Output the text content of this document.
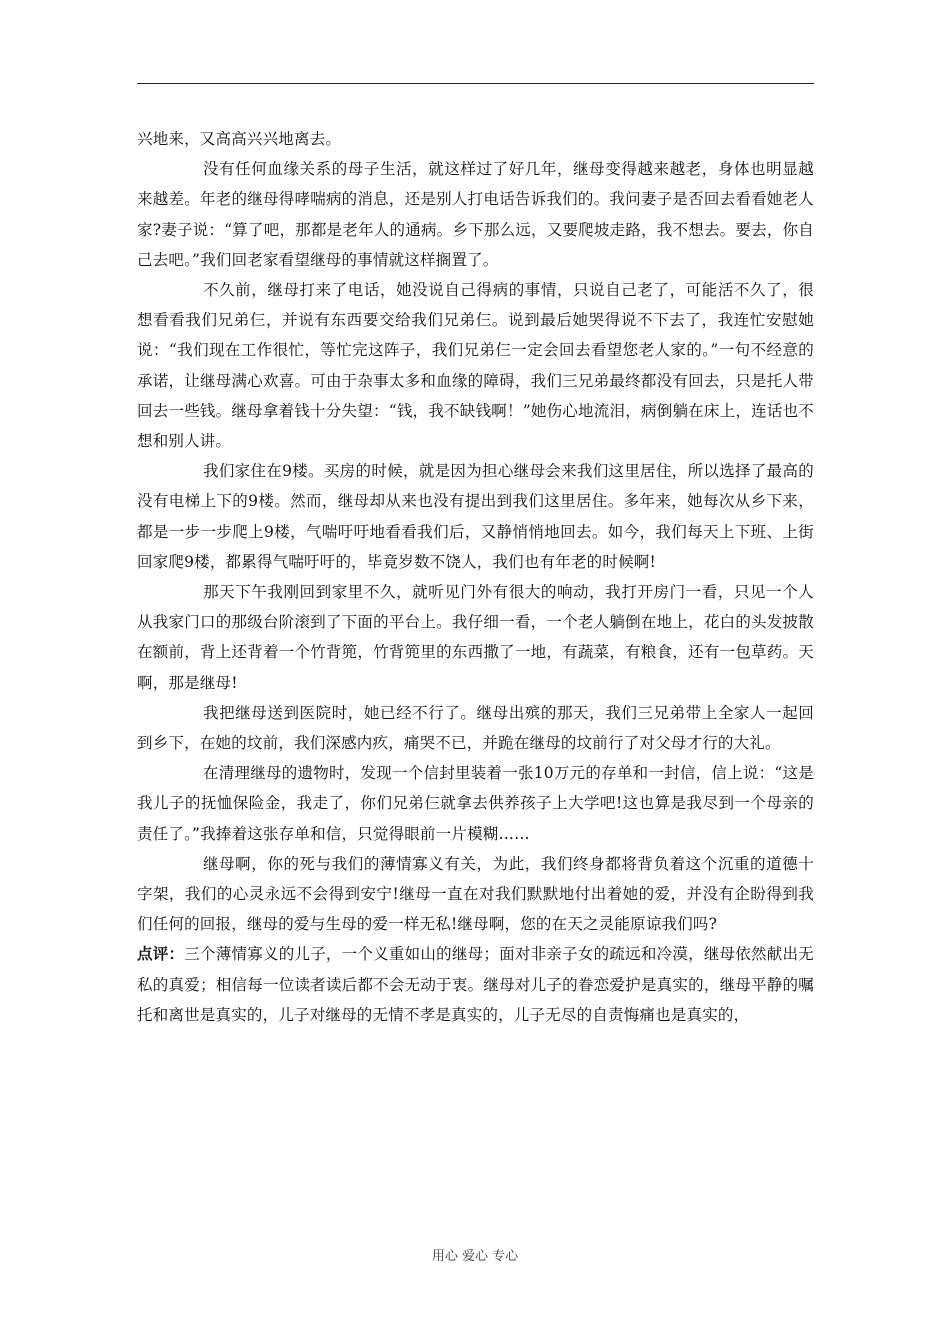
兴地来，又高高兴兴地离去。

没有任何血缘关系的母子生活，就这样过了好几年，继母变得越来越老，身体也明显越来越差。年老的继母得哮喘病的消息，还是别人打电话告诉我们的。我问妻子是否回去看看她老人家?妻子说：“算了吧，那都是老年人的通病。乡下那么远，又要爬坡走路，我不想去。要去，你自己去吧。”我们回老家看望继母的事情就这样搁置了。

不久前，继母打来了电话，她没说自己得病的事情，只说自己老了，可能活不久了，很想看看我们兄弟仨，并说有东西要交给我们兄弟仨。说到最后她哭得说不下去了，我连忙安慰她说：“我们现在工作很忙，等忙完这阵子，我们兄弟仨一定会回去看望您老人家的。”一句不经意的承诺，让继母满心欢喜。可由于杂事太多和血缘的障碍，我们三兄弟最终都没有回去，只是托人带回去一些钱。继母拿着钱十分失望：“钱，我不缺钱啊！”她伤心地流泪，病倒躺在床上，连话也不想和别人讲。

我们家住在9楼。买房的时候，就是因为担心继母会来我们这里居住，所以选择了最高的没有电梯上下的9楼。然而，继母却从来也没有提出到我们这里居住。多年来，她每次从乡下来，都是一步一步爬上9楼，气喘吁吁地看看我们后，又静悄悄地回去。如今，我们每天上下班、上街回家爬9楼，都累得气喘吁吁的，毕竟岁数不饶人，我们也有年老的时候啊!

那天下午我刚回到家里不久，就听见门外有很大的响动，我打开房门一看，只见一个人从我家门口的那级台阶滚到了下面的平台上。我仔细一看，一个老人躺倒在地上，花白的头发披散在额前，背上还背着一个竹背篼，竹背篼里的东西撒了一地，有蔬菜，有粮食，还有一包草药。天啊，那是继母!

我把继母送到医院时，她已经不行了。继母出殡的那天，我们三兄弟带上全家人一起回到乡下，在她的坟前，我们深感内疚，痛哭不已，并跪在继母的坟前行了对父母才行的大礼。

在清理继母的遗物时，发现一个信封里装着一张10万元的存单和一封信，信上说：“这是我儿子的抚恤保险金，我走了，你们兄弟仨就拿去供养孩子上大学吧!这也算是我尽到一个母亲的责任了。”我捧着这张存单和信，只觉得眼前一片模糊……

继母啊，你的死与我们的薄情寡义有关，为此，我们终身都将背负着这个沉重的道德十字架，我们的心灵永远不会得到安宁!继母一直在对我们默默地付出着她的爱，并没有企盼得到我们任何的回报，继母的爱与生母的爱一样无私!继母啊，您的在天之灵能原谅我们吗?

点评：三个薄情寡义的儿子，一个义重如山的继母；面对非亲子女的疏远和冷漠，继母依然献出无私的真爱；相信每一位读者读后都不会无动于衷。继母对儿子的眷恋爱护是真实的，继母平静的嘱托和离世是真实的，儿子对继母的无情不孝是真实的，儿子无尽的自责悔痛也是真实的，

用心 爱心 专心
